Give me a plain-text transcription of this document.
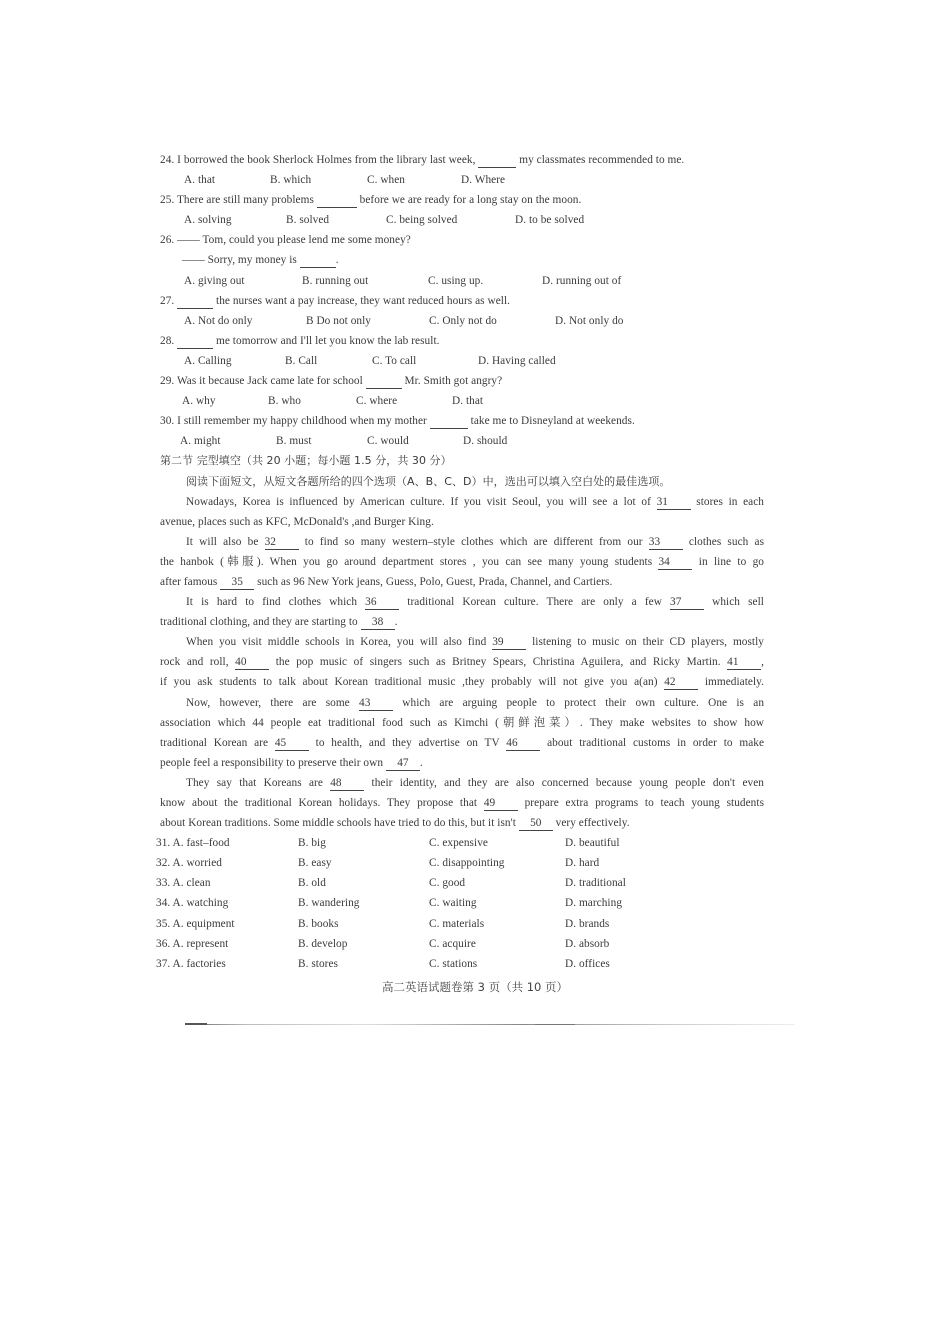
24. I borrowed the book Sherlock Holmes from the library last week,	my classmates recommended to me.
A. that	B. which	C. when	D. Where
25. There are still many problems	before we are ready for a long stay on the moon.
A. solving	B. solved	C. being solved	D. to be solved
26. —— Tom, could you please lend me some money?
—— Sorry, my money is	.
A. giving out	B. running out	C. using up.	D. running out of
27.	the nurses want a pay increase, they want reduced hours as well.
A. Not do only	B Do not only	C. Only not do	D. Not only do
28.	me tomorrow and I'll let you know the lab result.
A. Calling	B. Call	C. To call	D. Having called
29. Was it because Jack came late for school	Mr. Smith got angry?
A. why	B. who	C. where	D. that
30. I still remember my happy childhood when my mother	take me to Disneyland at weekends.
A. might	B. must	C. would	D. should
第二节 完型填空（共 20 小题；每小题 1.5 分，共 30 分）
阅读下面短文，从短文各题所给的四个选项（A、B、C、D）中，选出可以填入空白处的最佳选项。
Nowadays, Korea is influenced by American culture. If you visit Seoul, you will see a lot of 31	stores in each
avenue, places such as KFC, McDonald's ,and Burger King.
It will also be 32	to find so many western–style clothes which are different from our 33	clothes such as
the hanbok (韩服). When you go around department stores , you can see many young students 34	in line to go
after famous 35 such as 96 New York jeans, Guess, Polo, Guest, Prada, Channel, and Cartiers.
It is hard to find clothes which 36	traditional Korean culture. There are only a few 37	which sell
traditional clothing, and they are starting to 38 .
When you visit middle schools in Korea, you will also find 39	listening to music on their CD players, mostly
rock and roll, 40	the pop music of singers such as Britney Spears, Christina Aguilera, and Ricky Martin. 41 ,
if you ask students to talk about Korean traditional music ,they probably will not give you a(an) 42	immediately.
Now, however, there are some 43	which are arguing people to protect their own culture. One is an
association which 44 people eat traditional food such as Kimchi (朝鲜泡菜）. They make websites to show how
traditional Korean are 45	to health, and they advertise on TV 46	about traditional customs in order to make
people feel a responsibility to preserve their own 47 .
They say that Koreans are 48	their identity, and they are also concerned because young people don't even
know about the traditional Korean holidays. They propose that 49	prepare extra programs to teach young students
about Korean traditions. Some middle schools have tried to do this, but it isn't 50 very effectively.
31. A. fast–food	B. big	C. expensive	D. beautiful
32. A. worried	B. easy	C. disappointing	D. hard
33. A. clean	B. old	C. good	D. traditional
34. A. watching	B. wandering	C. waiting	D. marching
35. A. equipment	B. books	C. materials	D. brands
36. A. represent	B. develop	C. acquire	D. absorb
37. A. factories	B. stores	C. stations	D. offices
高二英语试题卷第 3 页（共 10 页）
